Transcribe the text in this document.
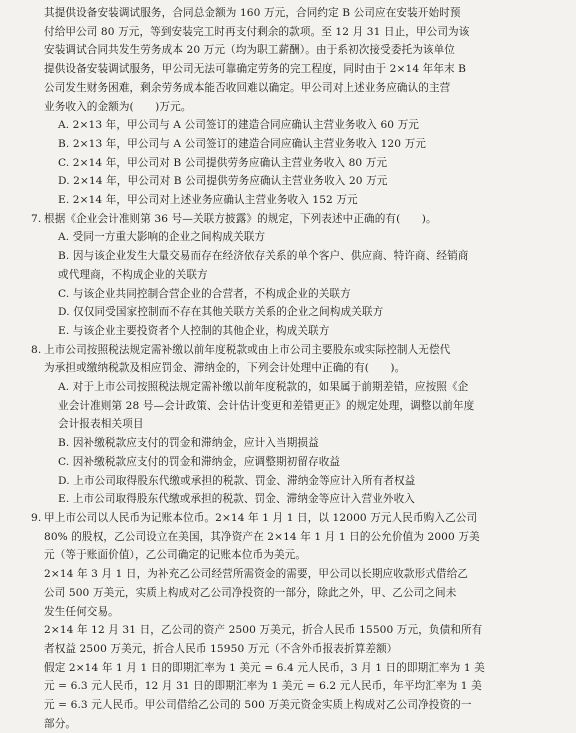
其提供设备安装调试服务，合同总金额为 160 万元，合同约定 B 公司应在安装开始时预
付给甲公司 80 万元，等到安装完工时再支付剩余的款项。至 12 月 31 日止，甲公司为该
安装调试合同共发生劳务成本 20 万元（均为职工薪酬）。由于系初次接受委托为该单位
提供设备安装调试服务，甲公司无法可靠确定劳务的完工程度，同时由于 2×14 年年末 B
公司发生财务困难，剩余劳务成本能否收回难以确定。甲公司对上述业务应确认的主营
业务收入的金额为(　　)万元。
A. 2×13 年，甲公司与 A 公司签订的建造合同应确认主营业务收入 60 万元
B. 2×13 年，甲公司与 A 公司签订的建造合同应确认主营业务收入 120 万元
C. 2×14 年，甲公司对 B 公司提供劳务应确认主营业务收入 80 万元
D. 2×14 年，甲公司对 B 公司提供劳务应确认主营业务收入 20 万元
E. 2×14 年，甲公司对上述业务应确认主营业务收入 152 万元
7. 根据《企业会计准则第 36 号—关联方披露》的规定，下列表述中正确的有(　　)。
A. 受同一方重大影响的企业之间构成关联方
B. 因与该企业发生大量交易而存在经济依存关系的单个客户、供应商、特许商、经销商
或代理商，不构成企业的关联方
C. 与该企业共同控制合营企业的合营者，不构成企业的关联方
D. 仅仅同受国家控制而不存在其他关联方关系的企业之间构成关联方
E. 与该企业主要投资者个人控制的其他企业，构成关联方
8. 上市公司按照税法规定需补缴以前年度税款或由上市公司主要股东或实际控制人无偿代
为承担或缴纳税款及相应罚金、滞纳金的，下列会计处理中正确的有(　　)。
A. 对于上市公司按照税法规定需补缴以前年度税款的，如果属于前期差错，应按照《企
业会计准则第 28 号—会计政策、会计估计变更和差错更正》的规定处理，调整以前年度
会计报表相关项目
B. 因补缴税款应支付的罚金和滞纳金，应计入当期损益
C. 因补缴税款应支付的罚金和滞纳金，应调整期初留存收益
D. 上市公司取得股东代缴或承担的税款、罚金、滞纳金等应计入所有者权益
E. 上市公司取得股东代缴或承担的税款、罚金、滞纳金等应计入营业外收入
9. 甲上市公司以人民币为记账本位币。2×14 年 1 月 1 日，以 12000 万元人民币购入乙公司
80% 的股权，乙公司设立在美国，其净资产在 2×14 年 1 月 1 日的公允价值为 2000 万美
元（等于账面价值），乙公司确定的记账本位币为美元。
2×14 年 3 月 1 日，为补充乙公司经营所需资金的需要，甲公司以长期应收款形式借给乙
公司 500 万美元，实质上构成对乙公司净投资的一部分，除此之外，甲、乙公司之间未
发生任何交易。
2×14 年 12 月 31 日，乙公司的资产 2500 万美元，折合人民币 15500 万元，负债和所有
者权益 2500 万美元，折合人民币 15950 万元（不含外币报表折算差额）
假定 2×14 年 1 月 1 日的即期汇率为 1 美元 = 6.4 元人民币，3 月 1 日的即期汇率为 1 美
元 = 6.3 元人民币，12 月 31 日的即期汇率为 1 美元 = 6.2 元人民币，年平均汇率为 1 美
元 = 6.3 元人民币。甲公司借给乙公司的 500 万美元资金实质上构成对乙公司净投资的一
部分。
